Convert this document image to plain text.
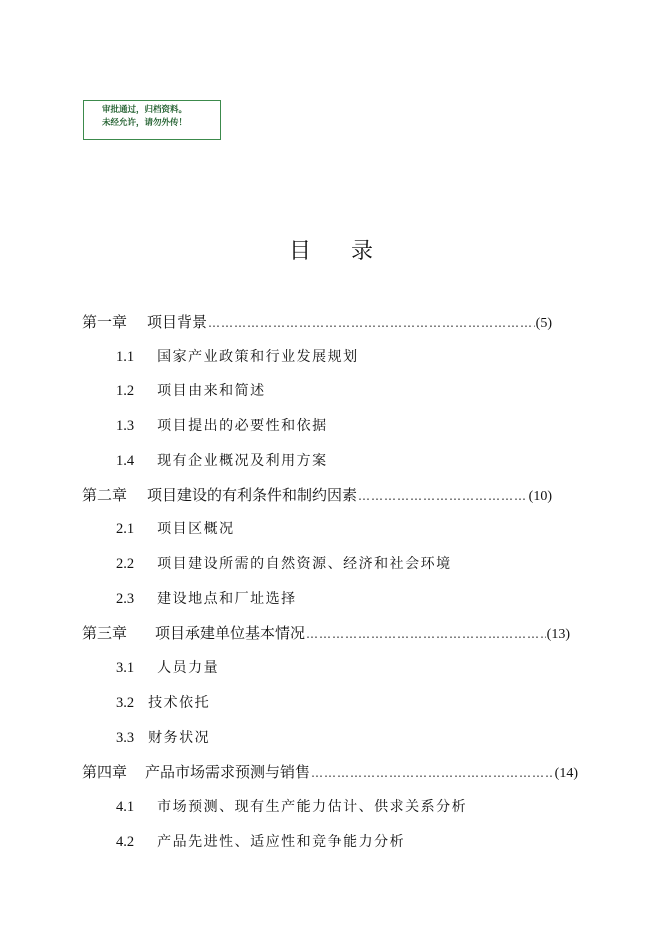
审批通过，归档资料。
未经允许，请勿外传！
目录
第一章 项目背景 …………………………………………………………………………………………………………………………………………………………………………	(5)
1.1 国家产业政策和行业发展规划
1.2 项目由来和简述
1.3 项目提出的必要性和依据
1.4 现有企业概况及利用方案
第二章 项目建设的有利条件和制约因素 …………………………………………………………………………………………………………………………………………………………………………	(10)
2.1 项目区概况
2.2 项目建设所需的自然资源、经济和社会环境
2.3 建设地点和厂址选择
第三章 项目承建单位基本情况 …………………………………………………………………………………………………………………………………………………………………………	(13)
3.1 人员力量
3.2 技术依托
3.3 财务状况
第四章 产品市场需求预测与销售 …………………………………………………………………………………………………………………………………………………………………………	(14)
4.1 市场预测、现有生产能力估计、供求关系分析
4.2 产品先进性、适应性和竞争能力分析
